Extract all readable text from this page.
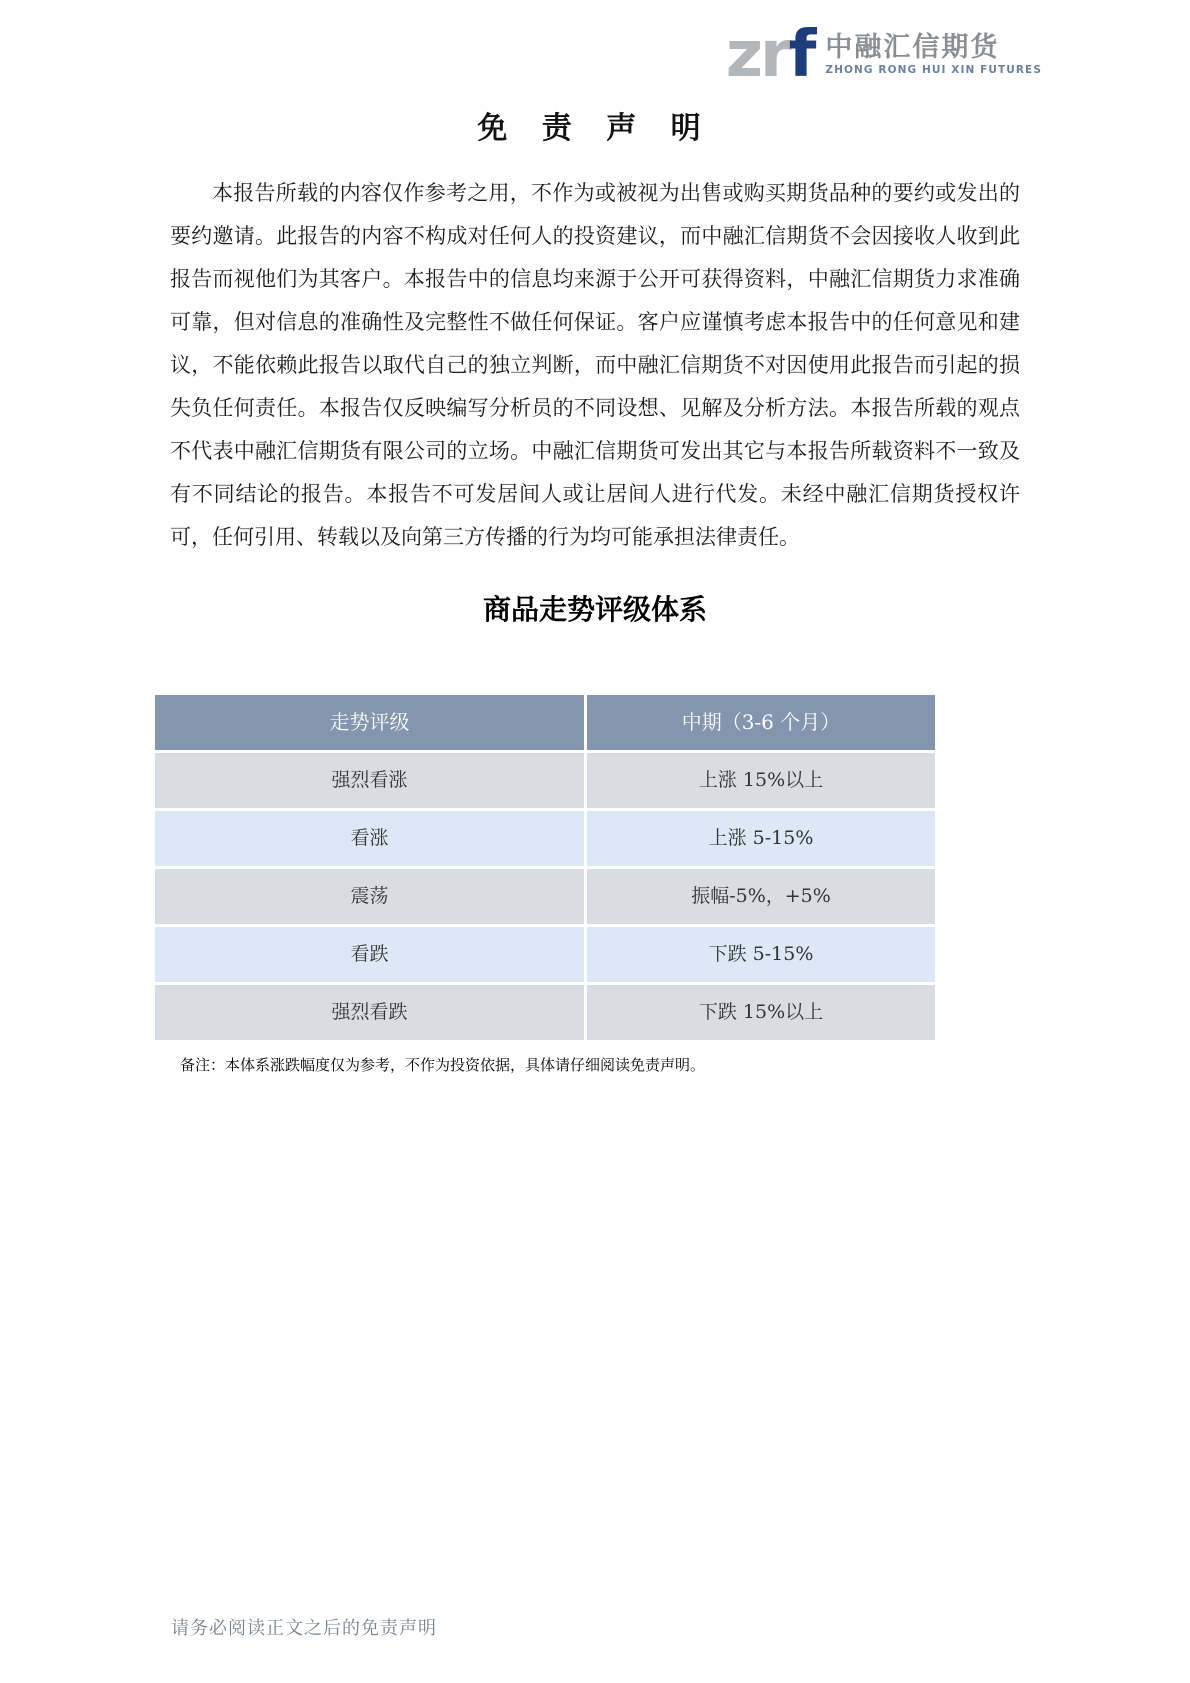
zrf 中融汇信期货
ZHONG RONG HUI XIN FUTURES
免 责 声 明

本报告所载的内容仅作参考之用，不作为或被视为出售或购买期货品种的要约或发出的要约邀请。此报告的内容不构成对任何人的投资建议，而中融汇信期货不会因接收人收到此报告而视他们为其客户。本报告中的信息均来源于公开可获得资料，中融汇信期货力求准确可靠，但对信息的准确性及完整性不做任何保证。客户应谨慎考虑本报告中的任何意见和建议，不能依赖此报告以取代自己的独立判断，而中融汇信期货不对因使用此报告而引起的损失负任何责任。本报告仅反映编写分析员的不同设想、见解及分析方法。本报告所载的观点不代表中融汇信期货有限公司的立场。中融汇信期货可发出其它与本报告所载资料不一致及有不同结论的报告。本报告不可发居间人或让居间人进行代发。未经中融汇信期货授权许可，任何引用、转载以及向第三方传播的行为均可能承担法律责任。

商品走势评级体系
走势评级	中期（3-6 个月）
强烈看涨	上涨 15%以上
看涨	上涨 5-15%
震荡	振幅-5%，+5%
看跌	下跌 5-15%
强烈看跌	下跌 15%以上

备注：本体系涨跌幅度仅为参考，不作为投资依据，具体请仔细阅读免责声明。

请务必阅读正文之后的免责声明
